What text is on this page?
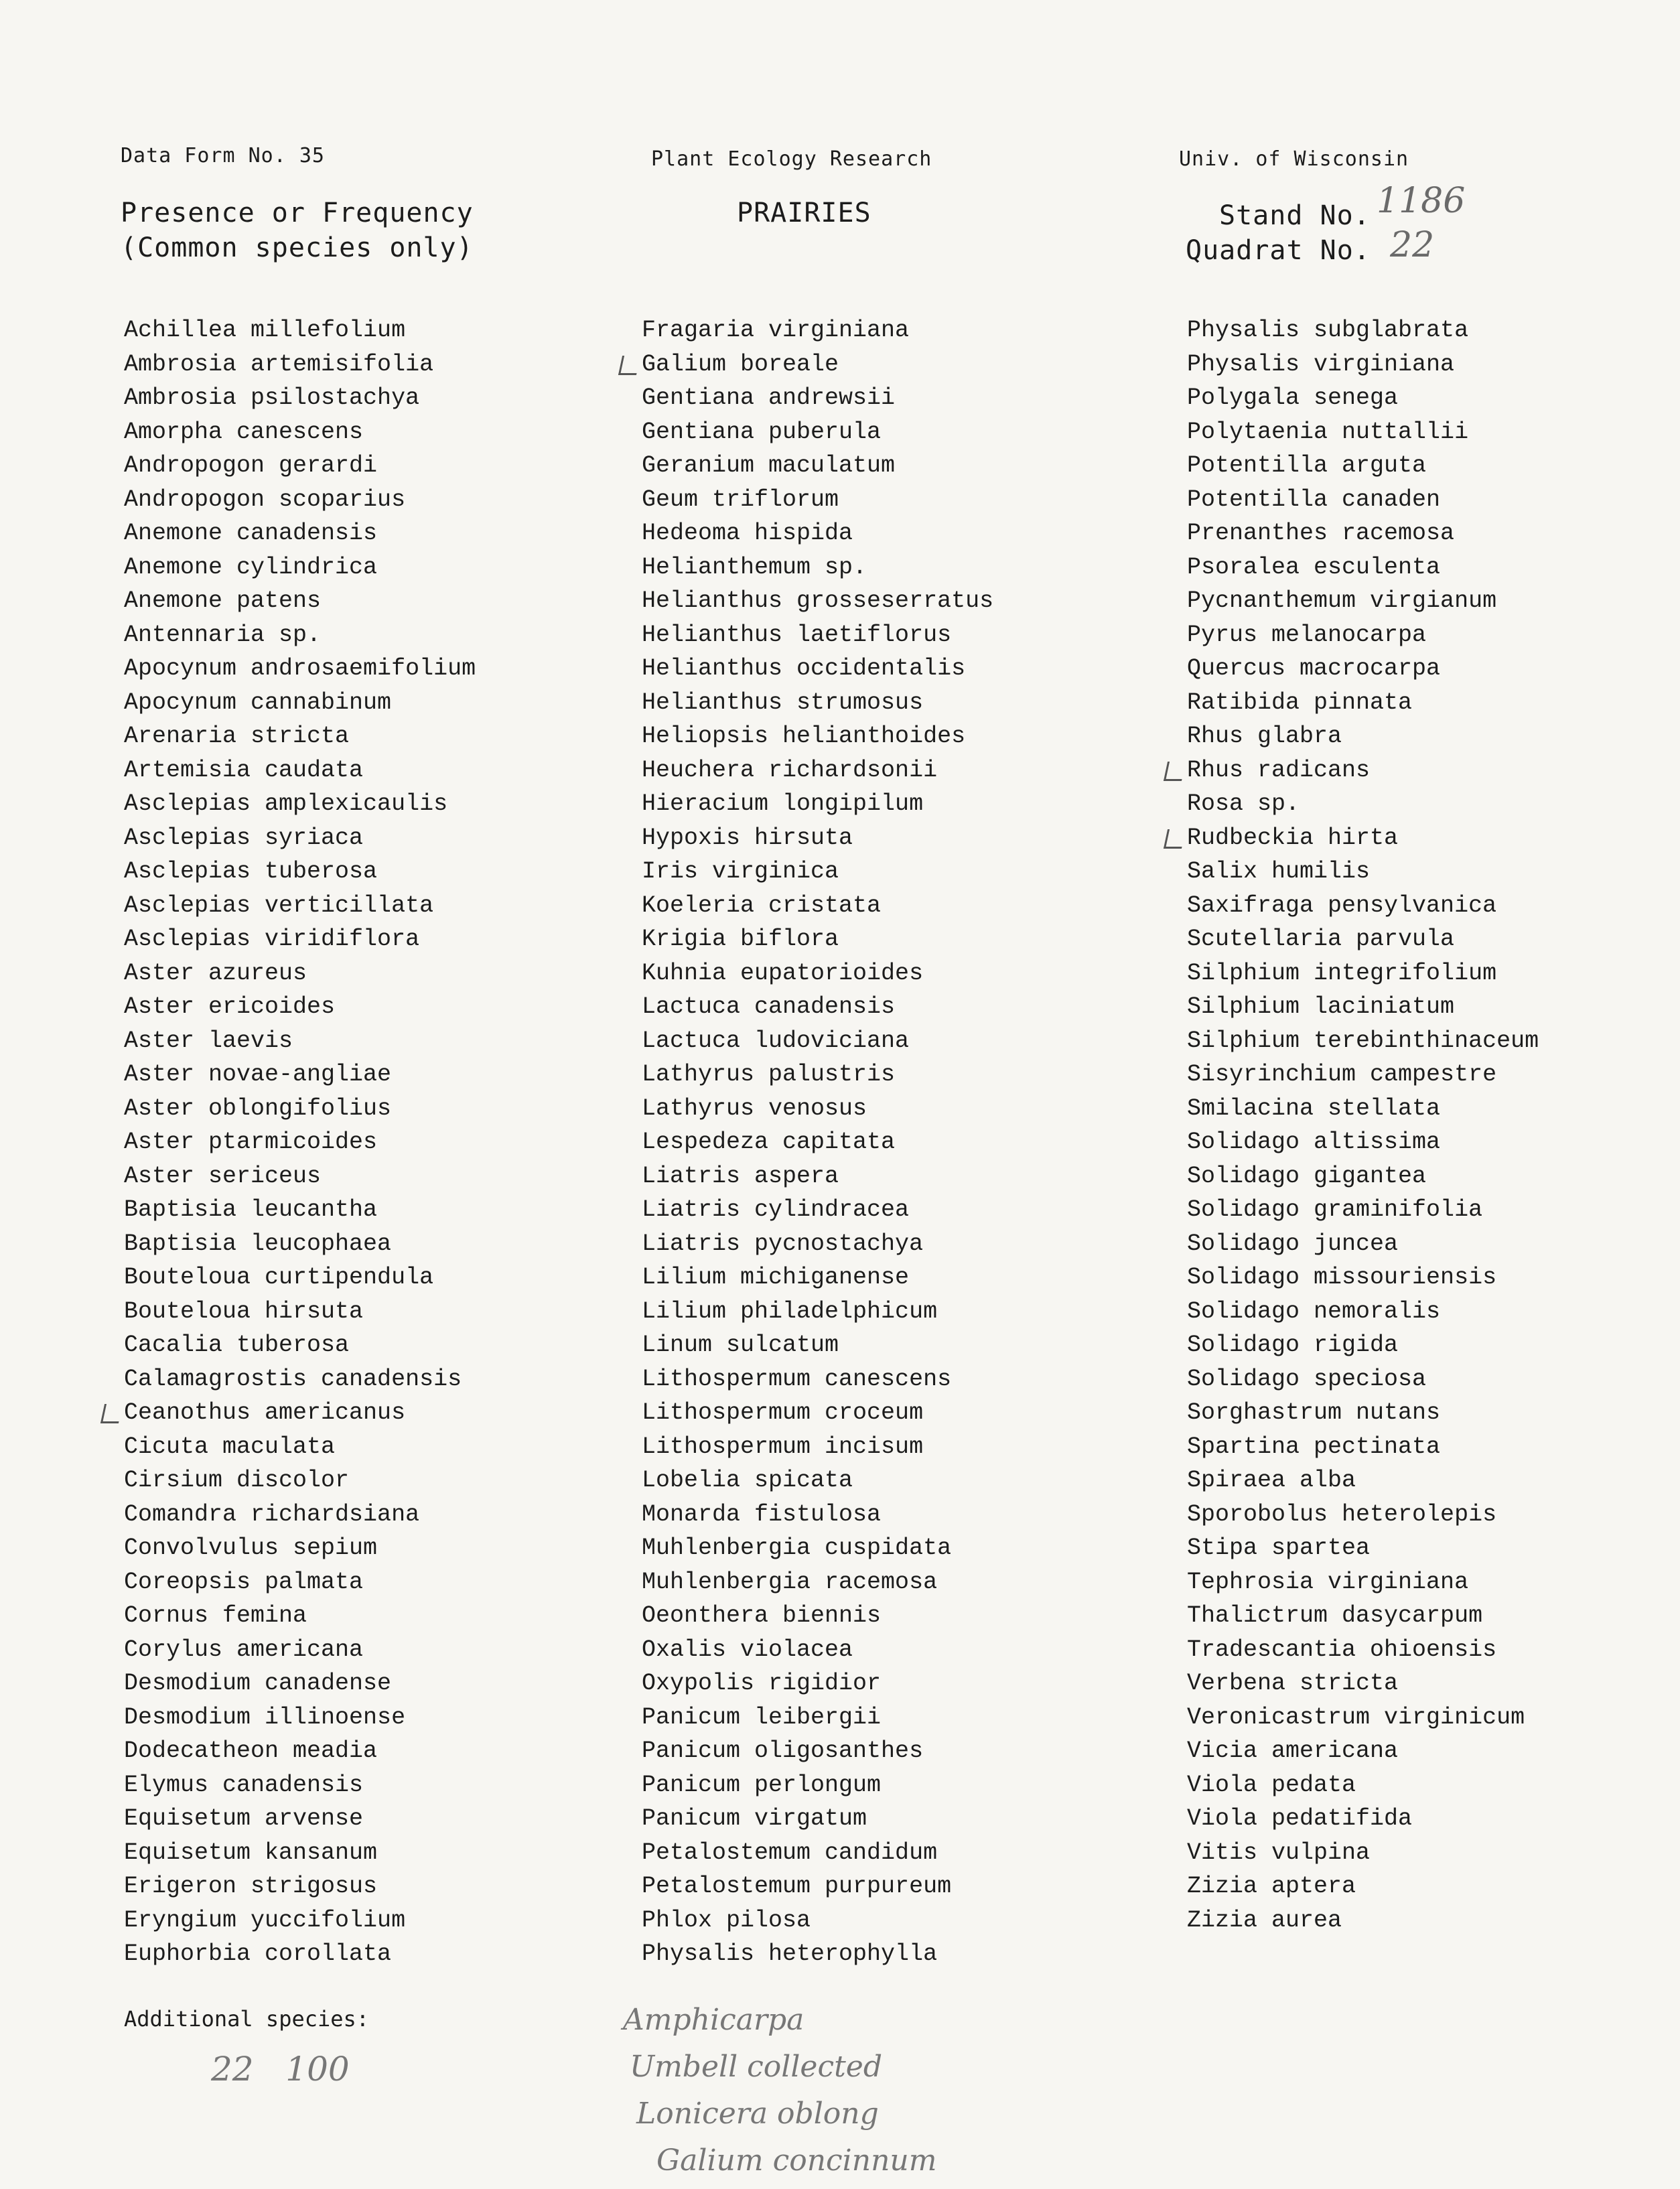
Data Form No. 35	Plant Ecology Research	Univ. of Wisconsin
Presence or Frequency
(Common species only)
PRAIRIES	Stand No. 1186
Quadrat No. 22
Achillea millefolium
Ambrosia artemisifolia
Ambrosia psilostachya
Amorpha canescens
Andropogon gerardi
Andropogon scoparius
Anemone canadensis
Anemone cylindrica
Anemone patens
Antennaria sp.
Apocynum androsaemifolium
Apocynum cannabinum
Arenaria stricta
Artemisia caudata
Asclepias amplexicaulis
Asclepias syriaca
Asclepias tuberosa
Asclepias verticillata
Asclepias viridiflora
Aster azureus
Aster ericoides
Aster laevis
Aster novae-angliae
Aster oblongifolius
Aster ptarmicoides
Aster sericeus
Baptisia leucantha
Baptisia leucophaea
Bouteloua curtipendula
Bouteloua hirsuta
Cacalia tuberosa
Calamagrostis canadensis
Ceanothus americanus
Cicuta maculata
Cirsium discolor
Comandra richardsiana
Convolvulus sepium
Coreopsis palmata
Cornus femina
Corylus americana
Desmodium canadense
Desmodium illinoense
Dodecatheon meadia
Elymus canadensis
Equisetum arvense
Equisetum kansanum
Erigeron strigosus
Eryngium yuccifolium
Euphorbia corollata
Fragaria virginiana
Galium boreale
Gentiana andrewsii
Gentiana puberula
Geranium maculatum
Geum triflorum
Hedeoma hispida
Helianthemum sp.
Helianthus grosseserratus
Helianthus laetiflorus
Helianthus occidentalis
Helianthus strumosus
Heliopsis helianthoides
Heuchera richardsonii
Hieracium longipilum
Hypoxis hirsuta
Iris virginica
Koeleria cristata
Krigia biflora
Kuhnia eupatorioides
Lactuca canadensis
Lactuca ludoviciana
Lathyrus palustris
Lathyrus venosus
Lespedeza capitata
Liatris aspera
Liatris cylindracea
Liatris pycnostachya
Lilium michiganense
Lilium philadelphicum
Linum sulcatum
Lithospermum canescens
Lithospermum croceum
Lithospermum incisum
Lobelia spicata
Monarda fistulosa
Muhlenbergia cuspidata
Muhlenbergia racemosa
Oeonthera biennis
Oxalis violacea
Oxypolis rigidior
Panicum leibergii
Panicum oligosanthes
Panicum perlongum
Panicum virgatum
Petalostemum candidum
Petalostemum purpureum
Phlox pilosa
Physalis heterophylla
Physalis subglabrata
Physalis virginiana
Polygala senega
Polytaenia nuttallii
Potentilla arguta
Potentilla canaden
Prenanthes racemosa
Psoralea esculenta
Pycnanthemum virgianum
Pyrus melanocarpa
Quercus macrocarpa
Ratibida pinnata
Rhus glabra
Rhus radicans
Rosa sp.
Rudbeckia hirta
Salix humilis
Saxifraga pensylvanica
Scutellaria parvula
Silphium integrifolium
Silphium laciniatum
Silphium terebinthinaceum
Sisyrinchium campestre
Smilacina stellata
Solidago altissima
Solidago gigantea
Solidago graminifolia
Solidago juncea
Solidago missouriensis
Solidago nemoralis
Solidago rigida
Solidago speciosa
Sorghastrum nutans
Spartina pectinata
Spiraea alba
Sporobolus heterolepis
Stipa spartea
Tephrosia virginiana
Thalictrum dasycarpum
Tradescantia ohioensis
Verbena stricta
Veronicastrum virginicum
Vicia americana
Viola pedata
Viola pedatifida
Vitis vulpina
Zizia aptera
Zizia aurea
Additional species:
22   100
Amphicarpa
Umbell collected
Lonicera oblong
Galium concinnum
